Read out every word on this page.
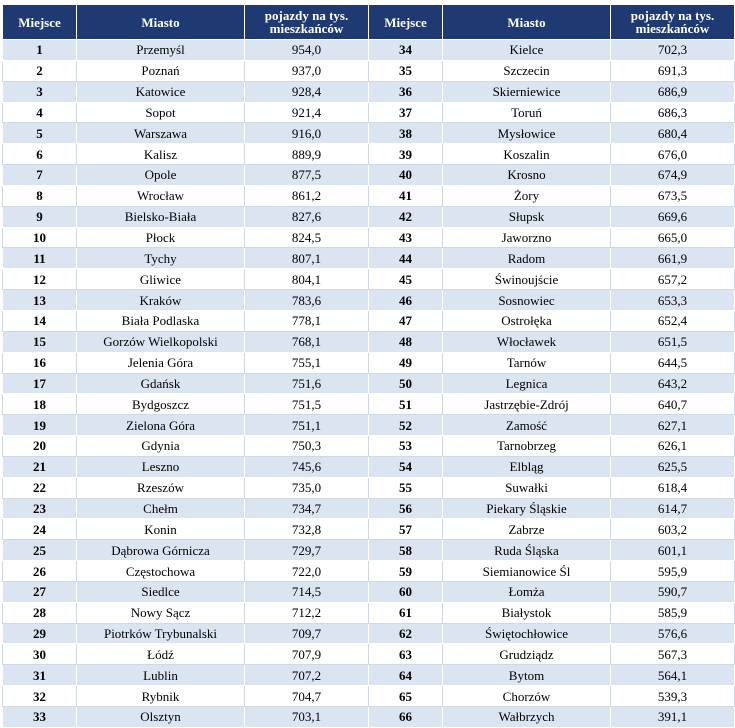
Miejsce	Miasto	pojazdy na tys. mieszkańców	Miejsce	Miasto	pojazdy na tys. mieszkańców
1	Przemyśl	954,0	34	Kielce	702,3
2	Poznań	937,0	35	Szczecin	691,3
3	Katowice	928,4	36	Skierniewice	686,9
4	Sopot	921,4	37	Toruń	686,3
5	Warszawa	916,0	38	Mysłowice	680,4
6	Kalisz	889,9	39	Koszalin	676,0
7	Opole	877,5	40	Krosno	674,9
8	Wrocław	861,2	41	Żory	673,5
9	Bielsko-Biała	827,6	42	Słupsk	669,6
10	Płock	824,5	43	Jaworzno	665,0
11	Tychy	807,1	44	Radom	661,9
12	Gliwice	804,1	45	Świnoujście	657,2
13	Kraków	783,6	46	Sosnowiec	653,3
14	Biała Podlaska	778,1	47	Ostrołęka	652,4
15	Gorzów Wielkopolski	768,1	48	Włocławek	651,5
16	Jelenia Góra	755,1	49	Tarnów	644,5
17	Gdańsk	751,6	50	Legnica	643,2
18	Bydgoszcz	751,5	51	Jastrzębie-Zdrój	640,7
19	Zielona Góra	751,1	52	Zamość	627,1
20	Gdynia	750,3	53	Tarnobrzeg	626,1
21	Leszno	745,6	54	Elbląg	625,5
22	Rzeszów	735,0	55	Suwałki	618,4
23	Chełm	734,7	56	Piekary Śląskie	614,7
24	Konin	732,8	57	Zabrze	603,2
25	Dąbrowa Górnicza	729,7	58	Ruda Śląska	601,1
26	Częstochowa	722,0	59	Siemianowice Śl	595,9
27	Siedlce	714,5	60	Łomża	590,7
28	Nowy Sącz	712,2	61	Białystok	585,9
29	Piotrków Trybunalski	709,7	62	Świętochłowice	576,6
30	Łódź	707,9	63	Grudziądz	567,3
31	Lublin	707,2	64	Bytom	564,1
32	Rybnik	704,7	65	Chorzów	539,3
33	Olsztyn	703,1	66	Wałbrzych	391,1
